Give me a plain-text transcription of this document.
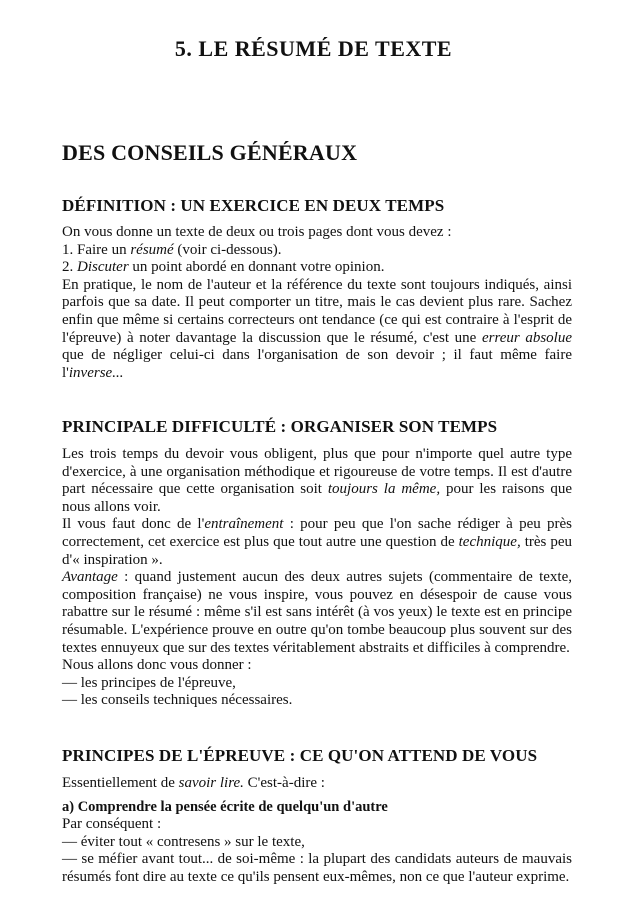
5. LE RÉSUMÉ DE TEXTE
DES CONSEILS GÉNÉRAUX
DÉFINITION : UN EXERCICE EN DEUX TEMPS

On vous donne un texte de deux ou trois pages dont vous devez :

1. Faire un résumé (voir ci-dessous).

2. Discuter un point abordé en donnant votre opinion.

En pratique, le nom de l'auteur et la référence du texte sont toujours indiqués, ainsi parfois que sa date. Il peut comporter un titre, mais le cas devient plus rare. Sachez enfin que même si certains correcteurs ont tendance (ce qui est contraire à l'esprit de l'épreuve) à noter davantage la discussion que le résumé, c'est une erreur absolue que de négliger celui-ci dans l'organisation de son devoir ; il faut même faire l'inverse...

PRINCIPALE DIFFICULTÉ : ORGANISER SON TEMPS

Les trois temps du devoir vous obligent, plus que pour n'importe quel autre type d'exercice, à une organisation méthodique et rigoureuse de votre temps. Il est d'autre part nécessaire que cette organisation soit toujours la même, pour les raisons que nous allons voir.

Il vous faut donc de l'entraînement : pour peu que l'on sache rédiger à peu près correctement, cet exercice est plus que tout autre une question de technique, très peu d'« inspiration ».

Avantage : quand justement aucun des deux autres sujets (commentaire de texte, composition française) ne vous inspire, vous pouvez en désespoir de cause vous rabattre sur le résumé : même s'il est sans intérêt (à vos yeux) le texte est en principe résumable. L'expérience prouve en outre qu'on tombe beaucoup plus souvent sur des textes ennuyeux que sur des textes véritablement abstraits et difficiles à comprendre.

Nous allons donc vous donner :

— les principes de l'épreuve,

— les conseils techniques nécessaires.

PRINCIPES DE L'ÉPREUVE : CE QU'ON ATTEND DE VOUS

Essentiellement de savoir lire. C'est-à-dire :

a) Comprendre la pensée écrite de quelqu'un d'autre

Par conséquent :

— éviter tout « contresens » sur le texte,

— se méfier avant tout... de soi-même : la plupart des candidats auteurs de mauvais résumés font dire au texte ce qu'ils pensent eux-mêmes, non ce que l'auteur exprime.
